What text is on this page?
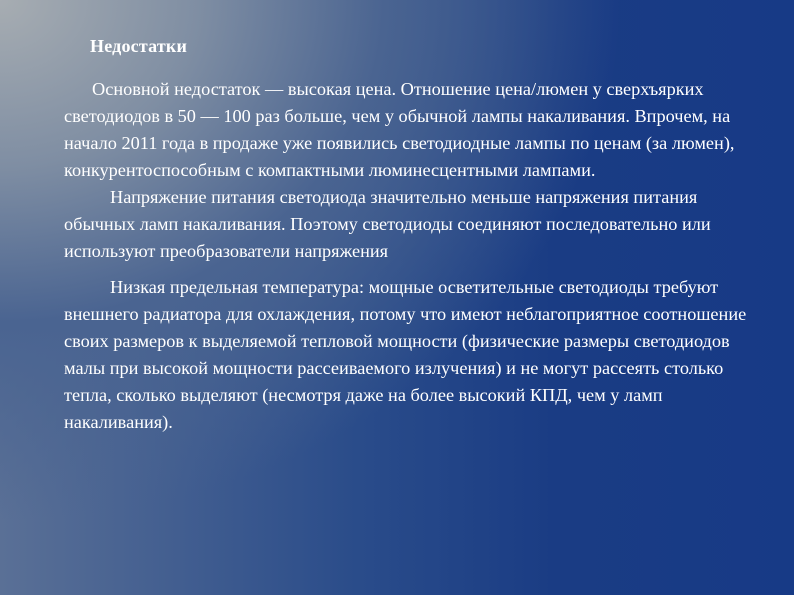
Недостатки

Основной недостаток — высокая цена. Отношение цена/люмен у сверхъярких светодиодов в 50 — 100 раз больше, чем у обычной лампы накаливания. Впрочем, на начало 2011 года в продаже уже появились светодиодные лампы по ценам (за люмен), конкурентоспособным с компактными люминесцентными лампами.

Напряжение питания светодиода значительно меньше напряжения питания обычных ламп накаливания. Поэтому светодиоды соединяют последовательно или используют преобразователи напряжения

Низкая предельная температура: мощные осветительные светодиоды требуют внешнего радиатора для охлаждения, потому что имеют неблагоприятное соотношение своих размеров к выделяемой тепловой мощности (физические размеры светодиодов малы при высокой мощности рассеиваемого излучения) и не могут рассеять столько тепла, сколько выделяют (несмотря даже на более высокий КПД, чем у ламп накаливания).
